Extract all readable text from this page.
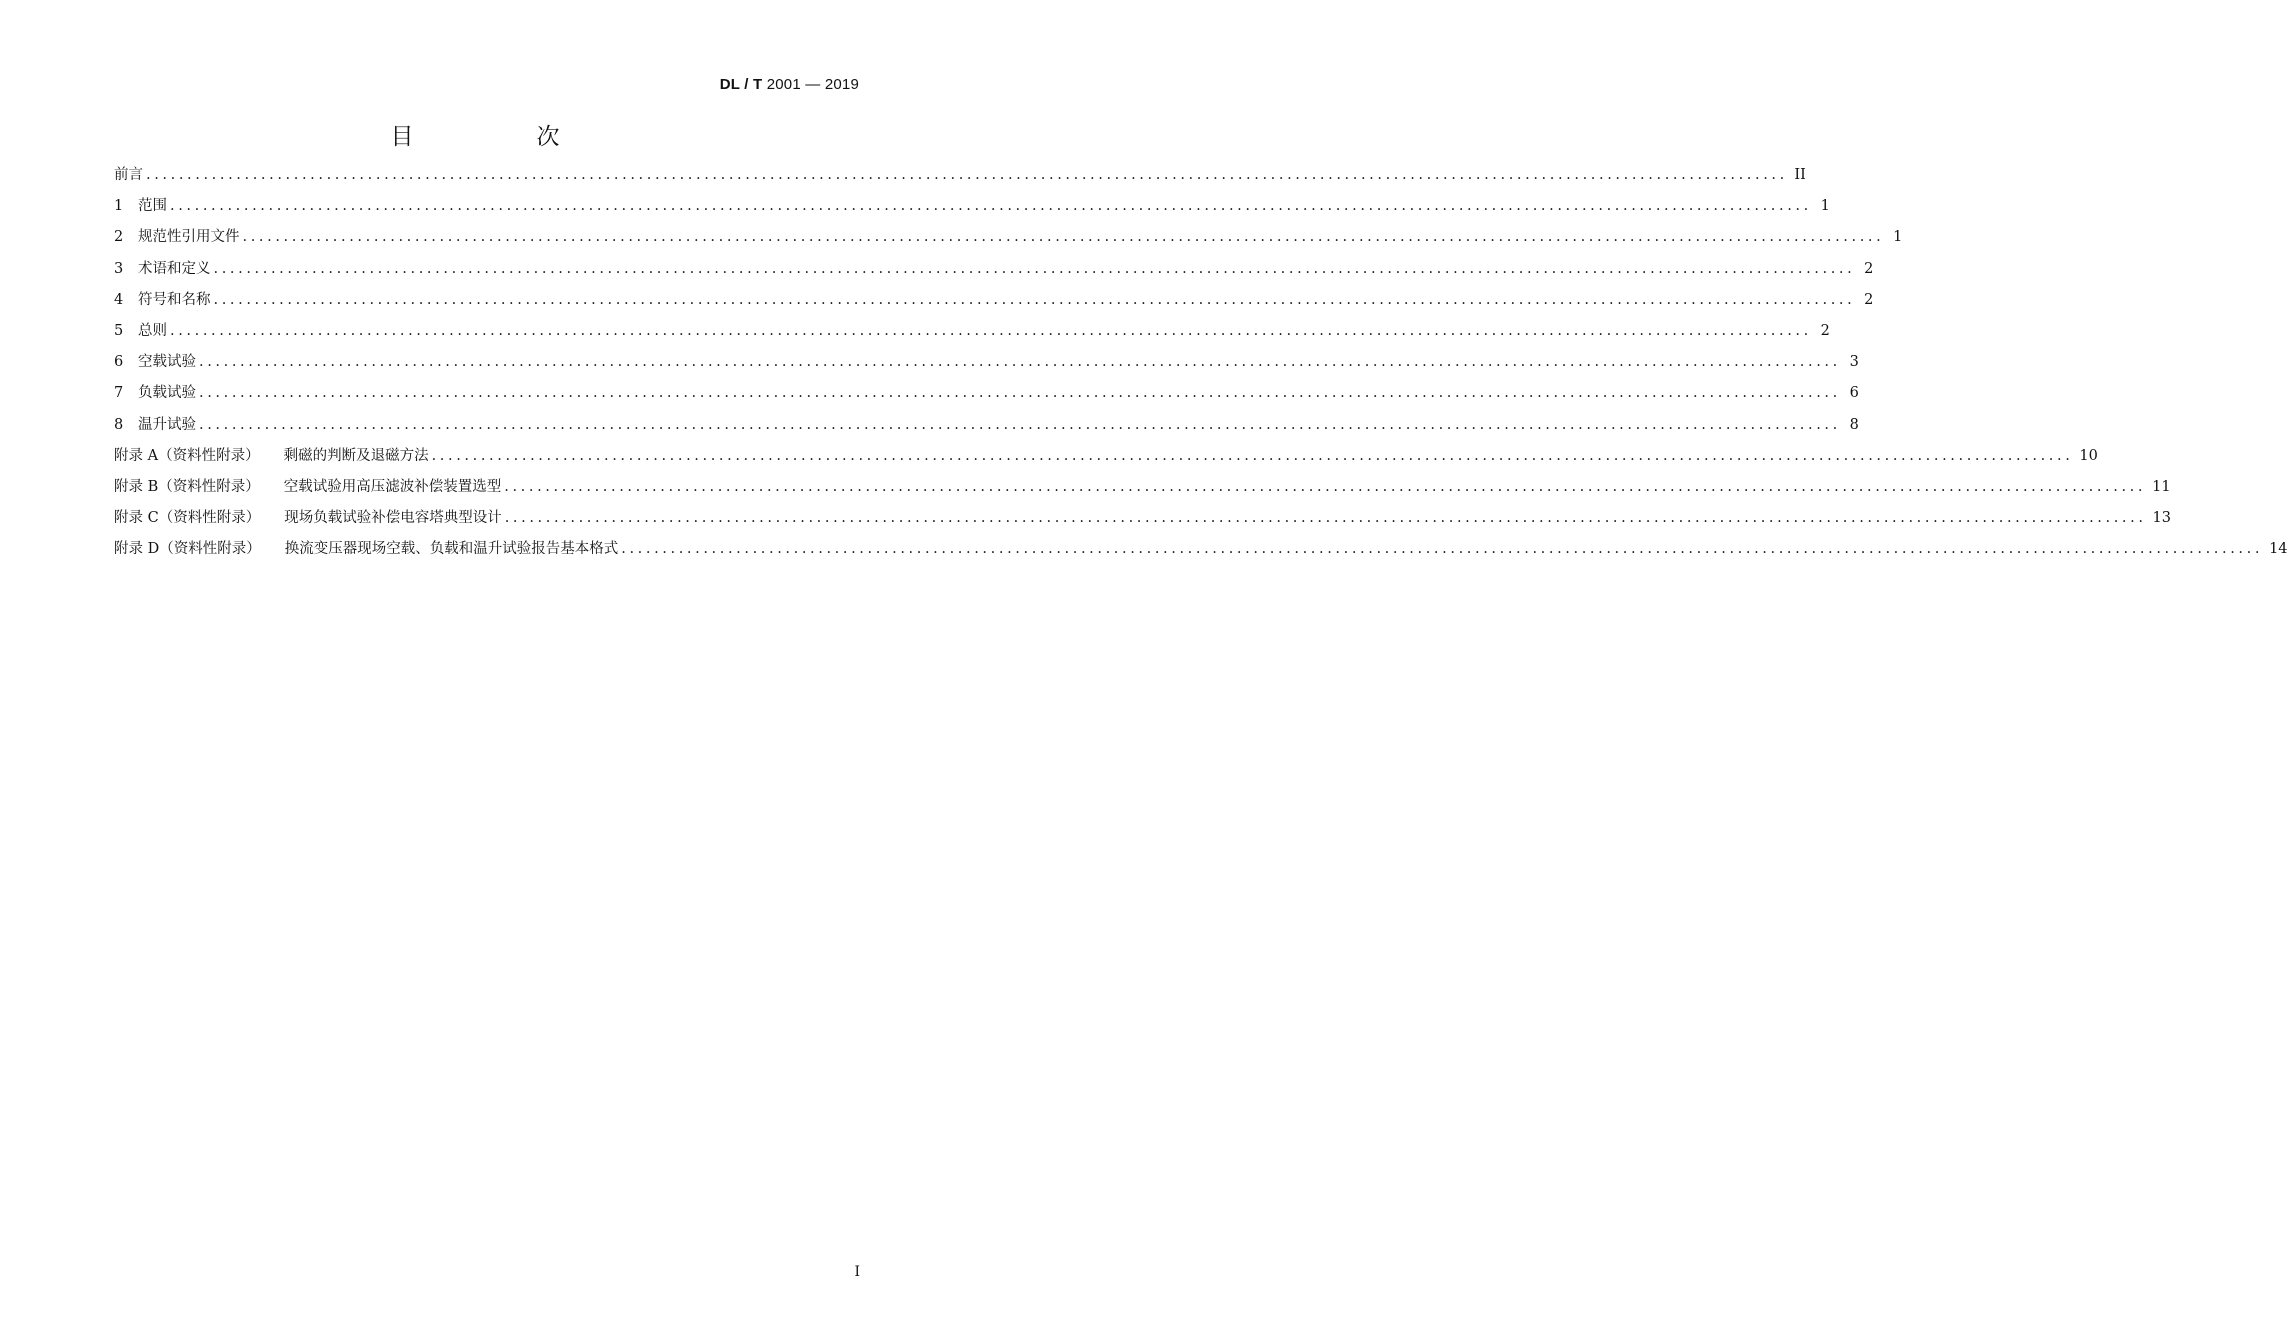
DL / T 2001 — 2019
目　次
前言 ........................................................................................................................................................................................................ II
1 范围 ........................................................................................................................................................................................................ 1
2 规范性引用文件 ........................................................................................................................................................................................................ 1
3 术语和定义 ........................................................................................................................................................................................................ 2
4 符号和名称 ........................................................................................................................................................................................................ 2
5 总则 ........................................................................................................................................................................................................ 2
6 空载试验 ........................................................................................................................................................................................................ 3
7 负载试验 ........................................................................................................................................................................................................ 6
8 温升试验 ........................................................................................................................................................................................................ 8
附录 A（资料性附录） 剩磁的判断及退磁方法 ........................................................................................................................................................................................................ 10
附录 B（资料性附录） 空载试验用高压滤波补偿装置选型 ........................................................................................................................................................................................................ 11
附录 C（资料性附录） 现场负载试验补偿电容塔典型设计 ........................................................................................................................................................................................................ 13
附录 D（资料性附录） 换流变压器现场空载、负载和温升试验报告基本格式 ........................................................................................................................................................................................................ 14
I
